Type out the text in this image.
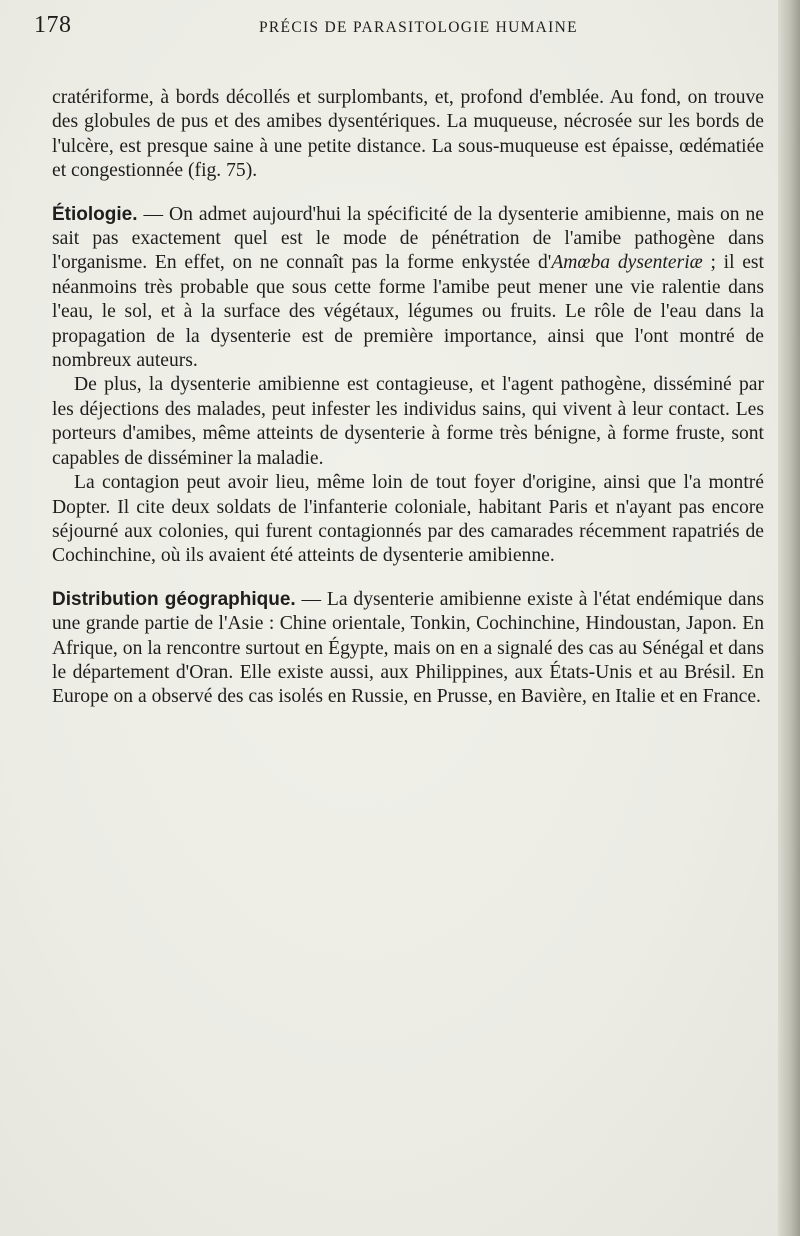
178	PRÉCIS DE PARASITOLOGIE HUMAINE

cratériforme, à bords décollés et surplombants, et, profond d'emblée. Au fond, on trouve des globules de pus et des amibes dysentériques. La muqueuse, nécrosée sur les bords de l'ulcère, est presque saine à une petite distance. La sous-muqueuse est épaisse, œdématiée et congestionnée (fig. 75).

Étiologie. — On admet aujourd'hui la spécificité de la dysenterie amibienne, mais on ne sait pas exactement quel est le mode de pénétration de l'amibe pathogène dans l'organisme. En effet, on ne connaît pas la forme enkystée d'Amœba dysenteriæ ; il est néanmoins très probable que sous cette forme l'amibe peut mener une vie ralentie dans l'eau, le sol, et à la surface des végétaux, légumes ou fruits. Le rôle de l'eau dans la propagation de la dysenterie est de première importance, ainsi que l'ont montré de nombreux auteurs.

De plus, la dysenterie amibienne est contagieuse, et l'agent pathogène, disséminé par les déjections des malades, peut infester les individus sains, qui vivent à leur contact. Les porteurs d'amibes, même atteints de dysenterie à forme très bénigne, à forme fruste, sont capables de disséminer la maladie.

La contagion peut avoir lieu, même loin de tout foyer d'origine, ainsi que l'a montré Dopter. Il cite deux soldats de l'infanterie coloniale, habitant Paris et n'ayant pas encore séjourné aux colonies, qui furent contagionnés par des camarades récemment rapatriés de Cochinchine, où ils avaient été atteints de dysenterie amibienne.

Distribution géographique. — La dysenterie amibienne existe à l'état endémique dans une grande partie de l'Asie : Chine orientale, Tonkin, Cochinchine, Hindoustan, Japon. En Afrique, on la rencontre surtout en Égypte, mais on en a signalé des cas au Sénégal et dans le département d'Oran. Elle existe aussi, aux Philippines, aux États-Unis et au Brésil. En Europe on a observé des cas isolés en Russie, en Prusse, en Bavière, en Italie et en France.
